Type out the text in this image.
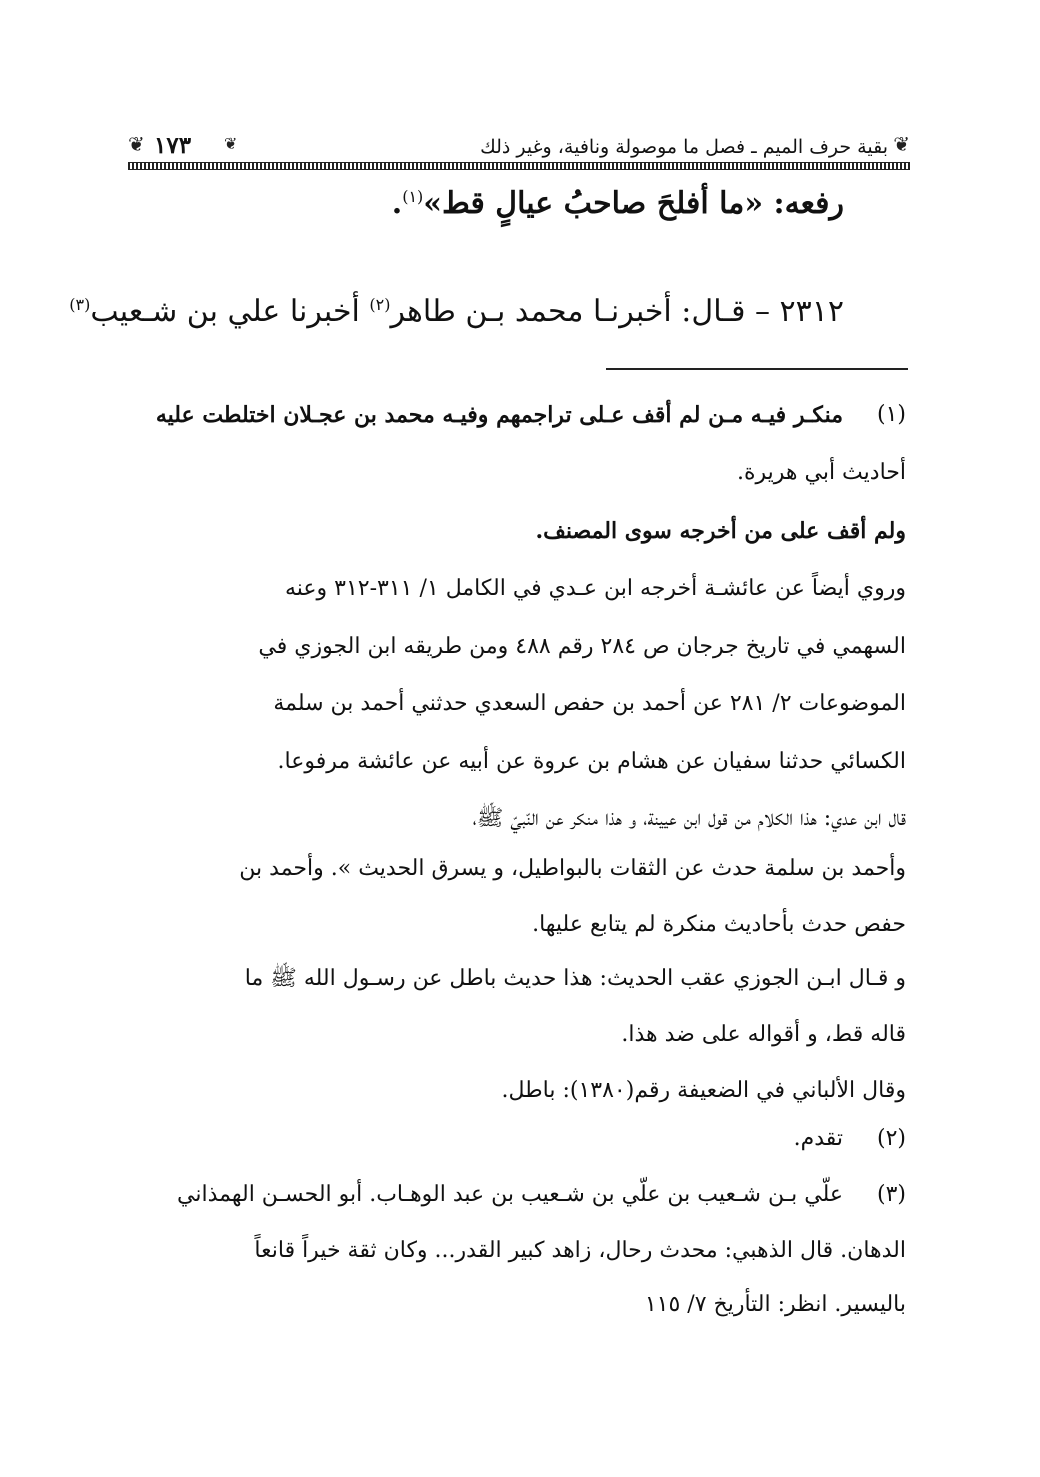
❦
بقية حرف الميم ـ فصل ما موصولة ونافية، وغير ذلك
❦
١٧٣
❦
رفعه: «ما أفلحَ صاحبُ عيالٍ قط»$^{(١)}$.
٢٣١٢ – قـال: أخبرنـا محمد بـن طاهر$^{(٢)}$ أخبرنا علي بن شـعيب$^{(٣)}$
(١)
منكـر فيـه مـن لم أقف عـلى تراجمهم وفيـه محمد بن عجـلان اختلطت عليه
أحاديث أبي هريرة.
ولم أقف على من أخرجه سوى المصنف.
وروي أيضاً عن عائشـة أخرجه ابن عـدي في الكامل ١/ ٣١١-٣١٢ وعنه
السهمي في تاريخ جرجان ص ٢٨٤ رقم ٤٨٨ ومن طريقه ابن الجوزي في
الموضوعات ٢/ ٢٨١ عن أحمد بن حفص السعدي حدثني أحمد بن سلمة
الكسائي حدثنا سفيان عن هشام بن عروة عن أبيه عن عائشة مرفوعا.
قال ابن عدي: هذا الكلام من قول ابن عيينة، و هذا منكر عن النّبيّ ﷺ،
وأحمد بن سلمة حدث عن الثقات بالبواطيل، و يسرق الحديث ». وأحمد بن
حفص حدث بأحاديث منكرة لم يتابع عليها.
و قـال ابـن الجوزي عقب الحديث: هذا حديث باطل عن رسـول الله ﷺ ما
قاله قط، و أقواله على ضد هذا.
وقال الألباني في الضعيفة رقم(١٣٨٠): باطل.
(٢)
تقدم.
(٣)
علّي بـن شـعيب بن علّي بن شـعيب بن عبد الوهـاب. أبو الحسـن الهمذاني
الدهان. قال الذهبي: محدث رحال، زاهد كبير القدر... وكان ثقة خيراً قانعاً
باليسير. انظر: التأريخ ٧/ ١١٥
